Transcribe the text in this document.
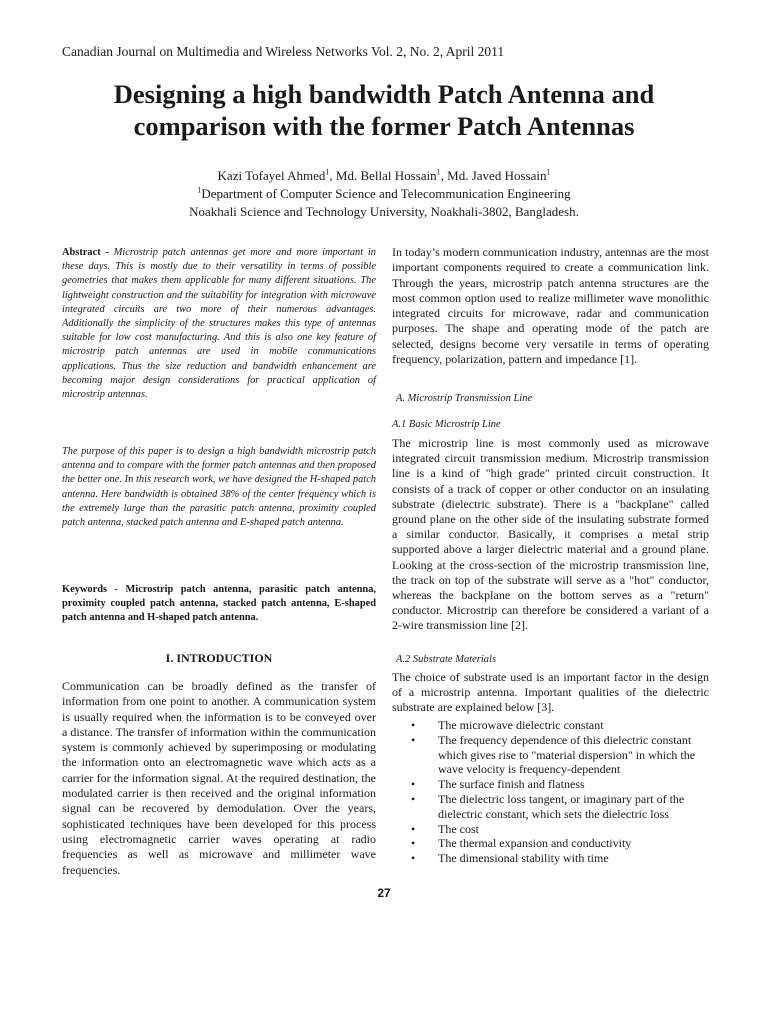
Canadian Journal on Multimedia and Wireless Networks Vol. 2, No. 2, April 2011
Designing a high bandwidth Patch Antenna and
comparison with the former Patch Antennas
Kazi Tofayel Ahmed$^1$, Md. Bellal Hossain$^1$, Md. Javed Hossain$^1$
$^1$Department of Computer Science and Telecommunication Engineering
Noakhali Science and Technology University, Noakhali-3802, Bangladesh.

Abstract - Microstrip patch antennas get more and more important in these days. This is mostly due to their versatility in terms of possible geometries that makes them applicable for many different situations. The lightweight construction and the suitability for integration with microwave integrated circuits are two more of their numerous advantages. Additionally the simplicity of the structures makes this type of antennas suitable for low cost manufacturing. And this is also one key feature of microstrip patch antennas are used in mobile communications applications. Thus the size reduction and bandwidth enhancement are becoming major design considerations for practical application of microstrip antennas.

The purpose of this paper is to design a high bandwidth microstrip patch antenna and to compare with the former patch antennas and then proposed the better one. In this research work, we have designed the H-shaped patch antenna. Here bandwidth is obtained 38% of the center frequency which is the extremely large than the parasitic patch antenna, proximity coupled patch antenna, stacked patch antenna and E-shaped patch antenna.

Keywords - Microstrip patch antenna, parasitic patch antenna, proximity coupled patch antenna, stacked patch antenna, E-shaped patch antenna and H-shaped patch antenna.

I. INTRODUCTION

Communication can be broadly defined as the transfer of information from one point to another. A communication system is usually required when the information is to be conveyed over a distance. The transfer of information within the communication system is commonly achieved by superimposing or modulating the information onto an electromagnetic wave which acts as a carrier for the information signal. At the required destination, the modulated carrier is then received and the original information signal can be recovered by demodulation. Over the years, sophisticated techniques have been developed for this process using electromagnetic carrier waves operating at radio frequencies as well as microwave and millimeter wave frequencies.

In today’s modern communication industry, antennas are the most important components required to create a communication link. Through the years, microstrip patch antenna structures are the most common option used to realize millimeter wave monolithic integrated circuits for microwave, radar and communication purposes. The shape and operating mode of the patch are selected, designs become very versatile in terms of operating frequency, polarization, pattern and impedance [1].

A. Microstrip Transmission Line
A.1 Basic Microstrip Line

The microstrip line is most commonly used as microwave integrated circuit transmission medium. Microstrip transmission line is a kind of "high grade" printed circuit construction. It consists of a track of copper or other conductor on an insulating substrate (dielectric substrate). There is a "backplane" called ground plane on the other side of the insulating substrate formed a similar conductor. Basically, it comprises a metal strip supported above a larger dielectric material and a ground plane. Looking at the cross-section of the microstrip transmission line, the track on top of the substrate will serve as a "hot" conductor, whereas the backplane on the bottom serves as a "return" conductor. Microstrip can therefore be considered a variant of a 2-wire transmission line [2].

A.2 Substrate Materials

The choice of substrate used is an important factor in the design of a microstrip antenna. Important qualities of the dielectric substrate are explained below [3].

• The microwave dielectric constant
• The frequency dependence of this dielectric constant which gives rise to "material dispersion" in which the wave velocity is frequency-dependent
• The surface finish and flatness
• The dielectric loss tangent, or imaginary part of the dielectric constant, which sets the dielectric loss
• The cost
• The thermal expansion and conductivity
• The dimensional stability with time
27
